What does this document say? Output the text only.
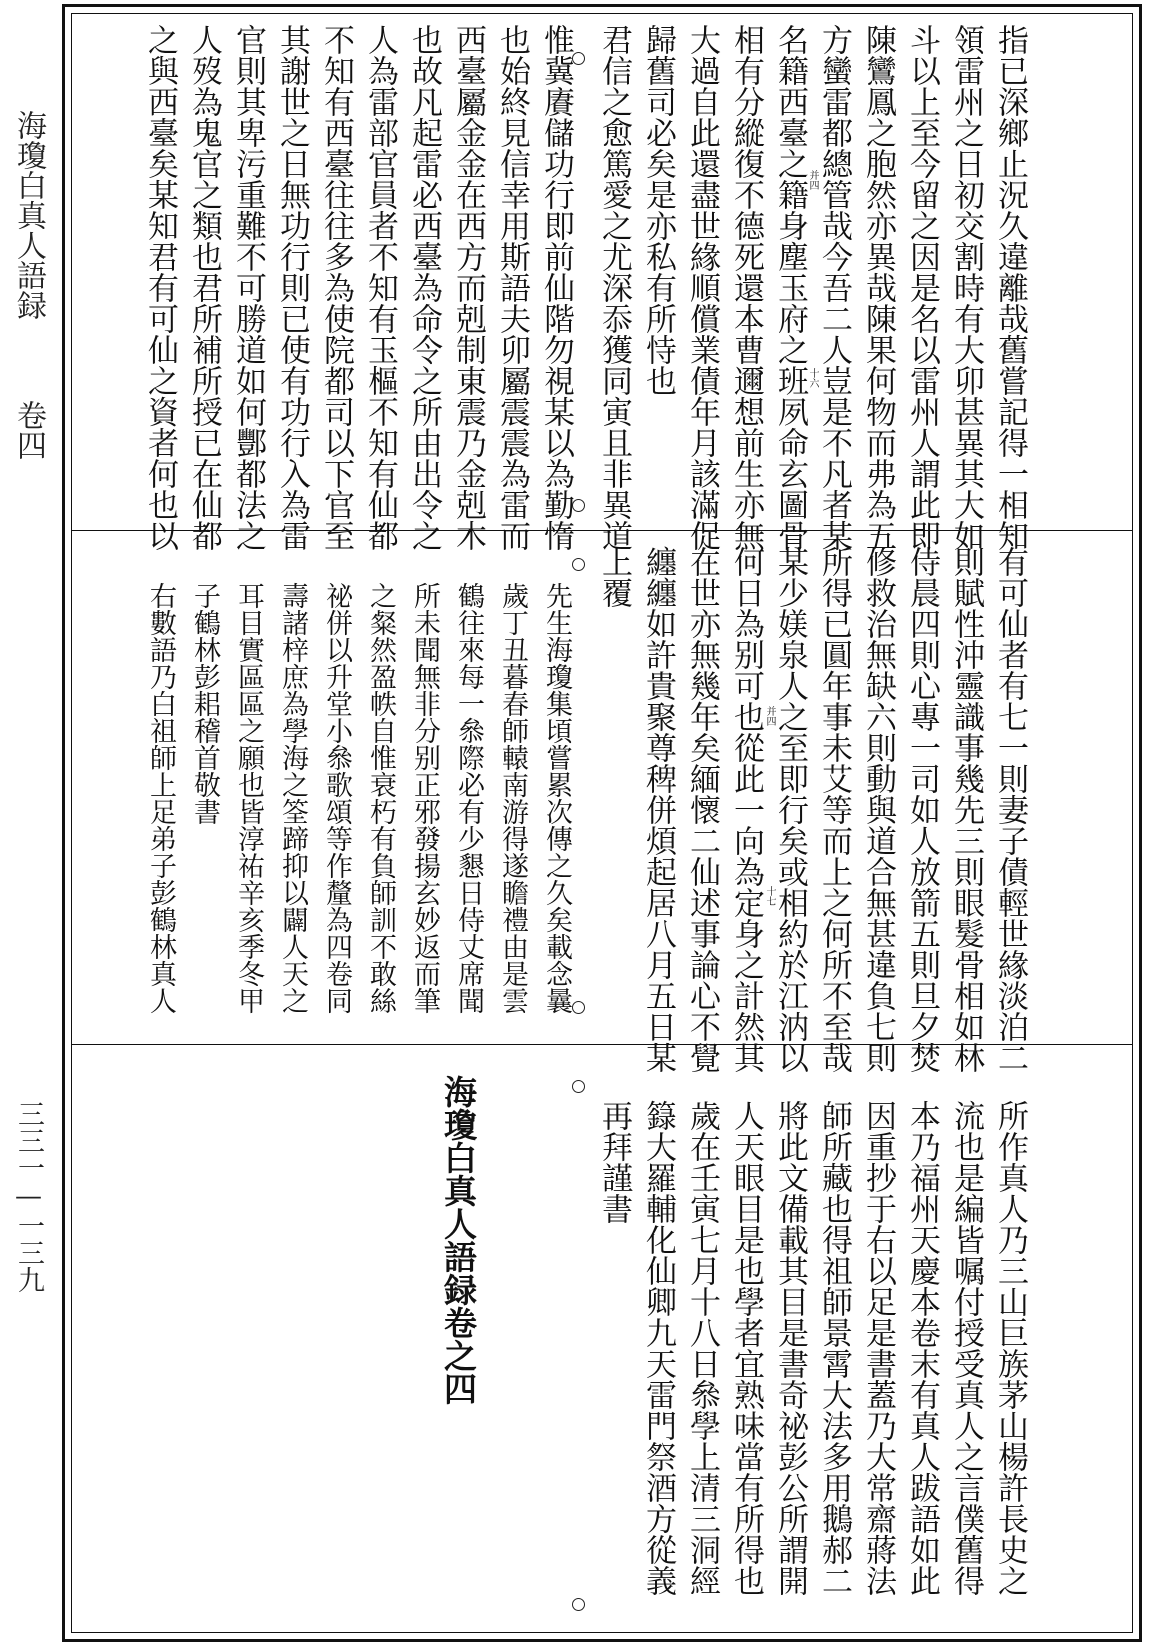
海瓊白真人語録
卷四
三三一—一三九
指已深鄉止況久違離哉舊嘗記得一相知
領雷州之日初交割時有大卯甚異其大如
斗以上至今留之因是名以雷州人謂此即
陳鸞鳳之胞然亦異哉陳果何物而弗為五
方蠻雷都總管哉今吾二人豈是不凡者某
并四
十六
名籍西臺之籍身塵玉府之班夙命玄圖骨
相有分縱復不德死還本曹邇想前生亦無
大過自此還盡世緣順償業債年月該滿促
歸舊司必矣是亦私有所恃也
君信之愈篤愛之尤深忝獲同寅且非異道
惟冀賡儲功行即前仙階勿視某以為勤惰
也始終見信幸用斯語夫卯屬震震為雷而
西臺屬金金在西方而剋制東震乃金剋木
也故凡起雷必西臺為命令之所由出令之
人為雷部官員者不知有玉樞不知有仙都
不知有西臺往往多為使院都司以下官至
其謝世之日無功行則已使有功行入為雷
官則其卑污重難不可勝道如何酆都法之
人歿為鬼官之類也君所補所授已在仙都
之與西臺矣某知君有可仙之資者何也以
有可仙者有七一則妻子債輕世緣淡泊二
則賦性沖靈識事幾先三則眼髮骨相如林
侍晨四則心專一司如人放箭五則旦夕焚
修救治無缺六則動與道合無甚違負七則
所得已圓年事未艾等而上之何所不至哉
某少媄泉人之至即行矣或相約於江汭以
并四
十七
何日為别可也從此一向為定身之計然其
在世亦無幾年矣緬懷二仙述事論心不覺
纏纏如許貴聚尊稗併煩起居八月五日某
上覆
先生海瓊集頃嘗累次傳之久矣載念曩
歲丁丑暮春師轅南游得遂瞻禮由是雲
鶴往來每一叅際必有少懇日侍丈席聞
所未聞無非分别正邪發揚玄妙返而筆
之粲然盈帙自惟衰朽有負師訓不敢絲
祕併以升堂小叅歌頌等作釐為四卷同
壽諸梓庶為學海之筌蹄抑以闢人天之
耳目實區區之願也皆淳祐辛亥季冬甲
子鶴林彭耜稽首敬書
右數語乃白祖師上足弟子彭鶴林真人
所作真人乃三山巨族茅山楊許長史之
流也是編皆嘱付授受真人之言僕舊得
本乃福州天慶本卷末有真人跋語如此
因重抄于右以足是書蓋乃大常齋蔣法
師所藏也得祖師景霄大法多用鵝郝二
將此文備載其目是書奇祕彭公所謂開
人天眼目是也學者宜熟味當有所得也
歲在壬寅七月十八日叅學上清三洞經
籙大羅輔化仙卿九天雷門祭酒方從義
再拜謹書
海瓊白真人語録卷之四
